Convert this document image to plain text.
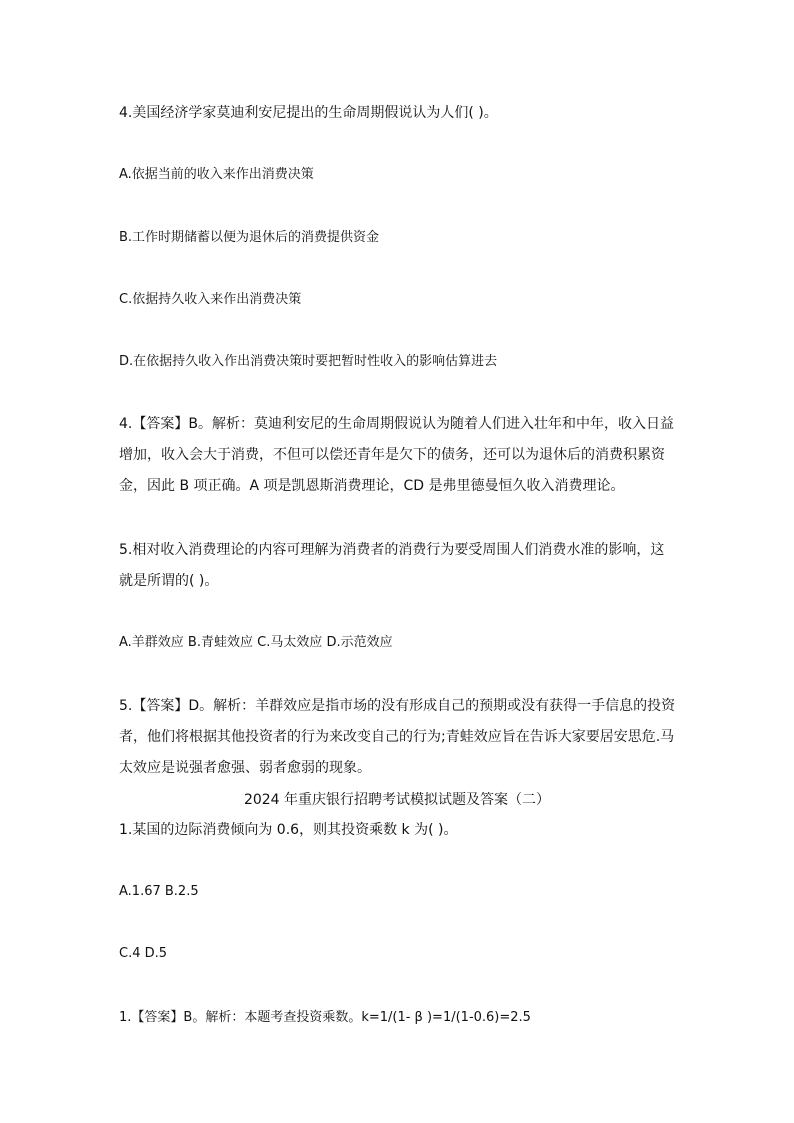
4.美国经济学家莫迪利安尼提出的生命周期假说认为人们( )。
A.依据当前的收入来作出消费决策
B.工作时期储蓄以便为退休后的消费提供资金
C.依据持久收入来作出消费决策
D.在依据持久收入作出消费决策时要把暂时性收入的影响估算进去
4.【答案】B。解析：莫迪利安尼的生命周期假说认为随着人们进入壮年和中年，收入日益
增加，收入会大于消费，不但可以偿还青年是欠下的债务，还可以为退休后的消费积累资
金，因此 B 项正确。A 项是凯恩斯消费理论，CD 是弗里德曼恒久收入消费理论。
5.相对收入消费理论的内容可理解为消费者的消费行为要受周围人们消费水准的影响，这
就是所谓的( )。
A.羊群效应 B.青蛙效应 C.马太效应 D.示范效应
5.【答案】D。解析：羊群效应是指市场的没有形成自己的预期或没有获得一手信息的投资
者，他们将根据其他投资者的行为来改变自己的行为;青蛙效应旨在告诉大家要居安思危.马
太效应是说强者愈强、弱者愈弱的现象。
2024 年重庆银行招聘考试模拟试题及答案（二）
1.某国的边际消费倾向为 0.6，则其投资乘数 k 为( )。
A.1.67 B.2.5
C.4 D.5
1.【答案】B。解析：本题考查投资乘数。k=1/(1- β )=1/(1-0.6)=2.5
